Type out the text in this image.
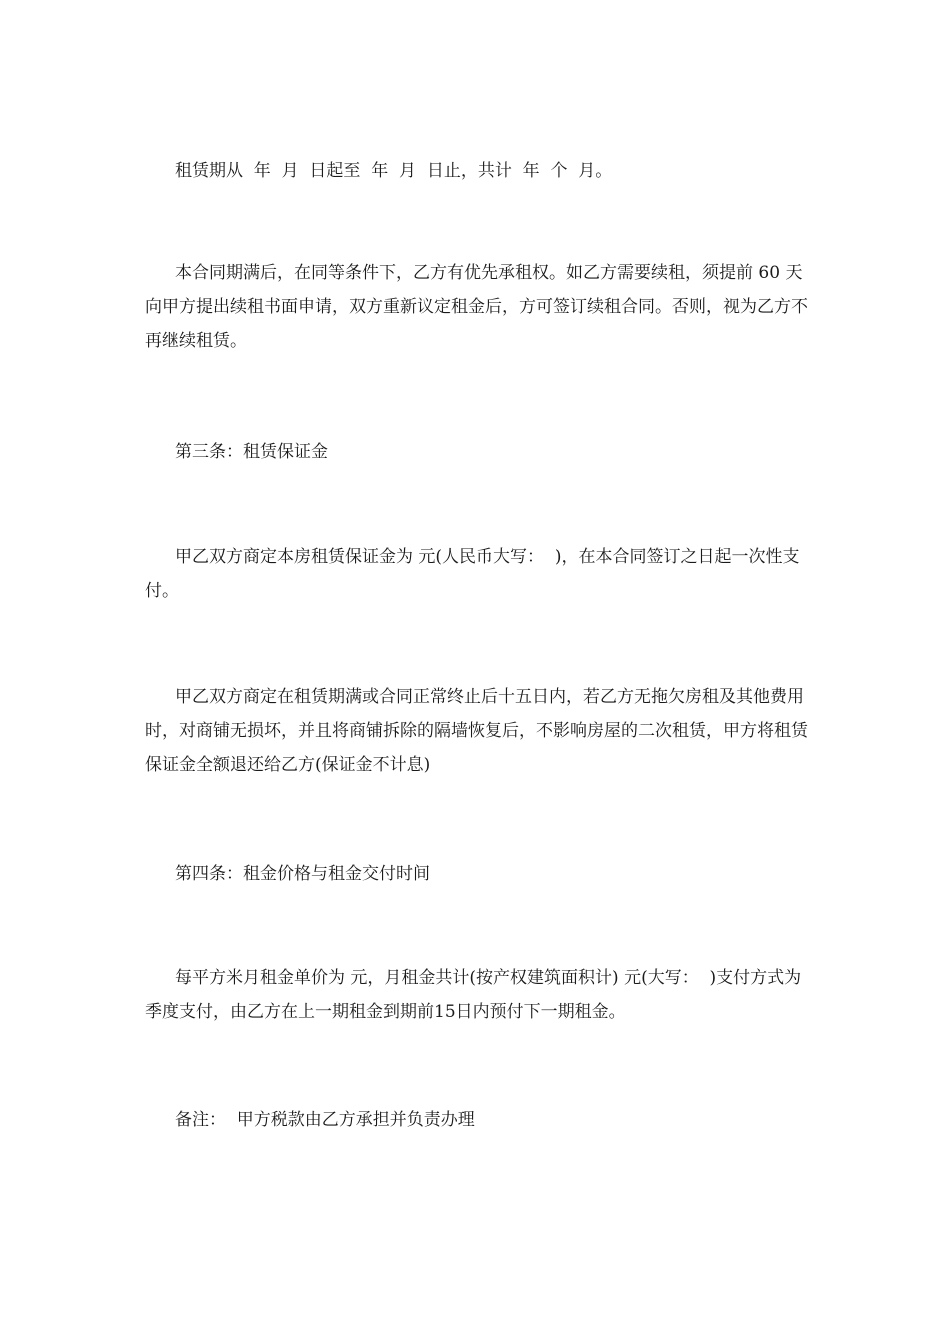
租赁期从  年  月  日起至  年  月  日止，共计  年  个  月。

本合同期满后，在同等条件下，乙方有优先承租权。如乙方需要续租，须提前 60 天向甲方提出续租书面申请，双方重新议定租金后，方可签订续租合同。否则，视为乙方不再继续租赁。

第三条：租赁保证金

甲乙双方商定本房租赁保证金为 元(人民币大写：  )，在本合同签订之日起一次性支付。

甲乙双方商定在租赁期满或合同正常终止后十五日内，若乙方无拖欠房租及其他费用时，对商铺无损坏，并且将商铺拆除的隔墙恢复后，不影响房屋的二次租赁，甲方将租赁保证金全额退还给乙方(保证金不计息)

第四条：租金价格与租金交付时间

每平方米月租金单价为 元，月租金共计(按产权建筑面积计) 元(大写：  )支付方式为季度支付，由乙方在上一期租金到期前15日内预付下一期租金。

备注：  甲方税款由乙方承担并负责办理
